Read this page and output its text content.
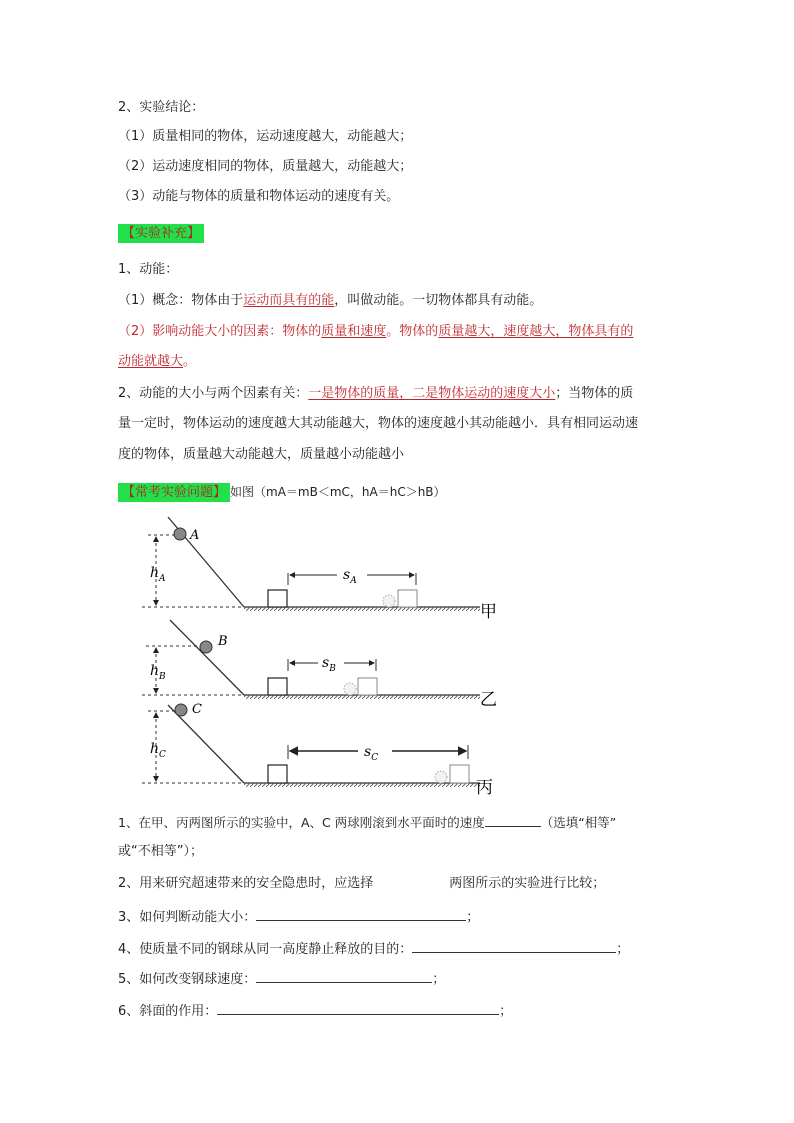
2、实验结论：
（1）质量相同的物体，运动速度越大，动能越大；
（2）运动速度相同的物体，质量越大，动能越大；
（3）动能与物体的质量和物体运动的速度有关。
【实验补充】
1、动能：
（1）概念：物体由于运动而具有的能，叫做动能。一切物体都具有动能。
（2）影响动能大小的因素：物体的质量和速度。物体的质量越大，速度越大，物体具有的
动能就越大。
2、动能的大小与两个因素有关：一是物体的质量，二是物体运动的速度大小；当物体的质
量一定时，物体运动的速度越大其动能越大，物体的速度越小其动能越小．具有相同运动速
度的物体，质量越大动能越大，质量越小动能越小
【常考实验问题】 如图（mA＝mB＜mC，hA＝hC＞hB）
A
$h_A$	$s_A$
甲
B
$h_B$
$s_B$
乙
C
$h_C$	$s_C$
丙
1、在甲、丙两图所示的实验中，A、C 两球刚滚到水平面时的速度	（选填“相等”
或“不相等”）；
2、用来研究超速带来的安全隐患时，应选择	两图所示的实验进行比较；
3、如何判断动能大小：	；
4、使质量不同的钢球从同一高度静止释放的目的：	；
5、如何改变钢球速度：	；
6、斜面的作用：	；
